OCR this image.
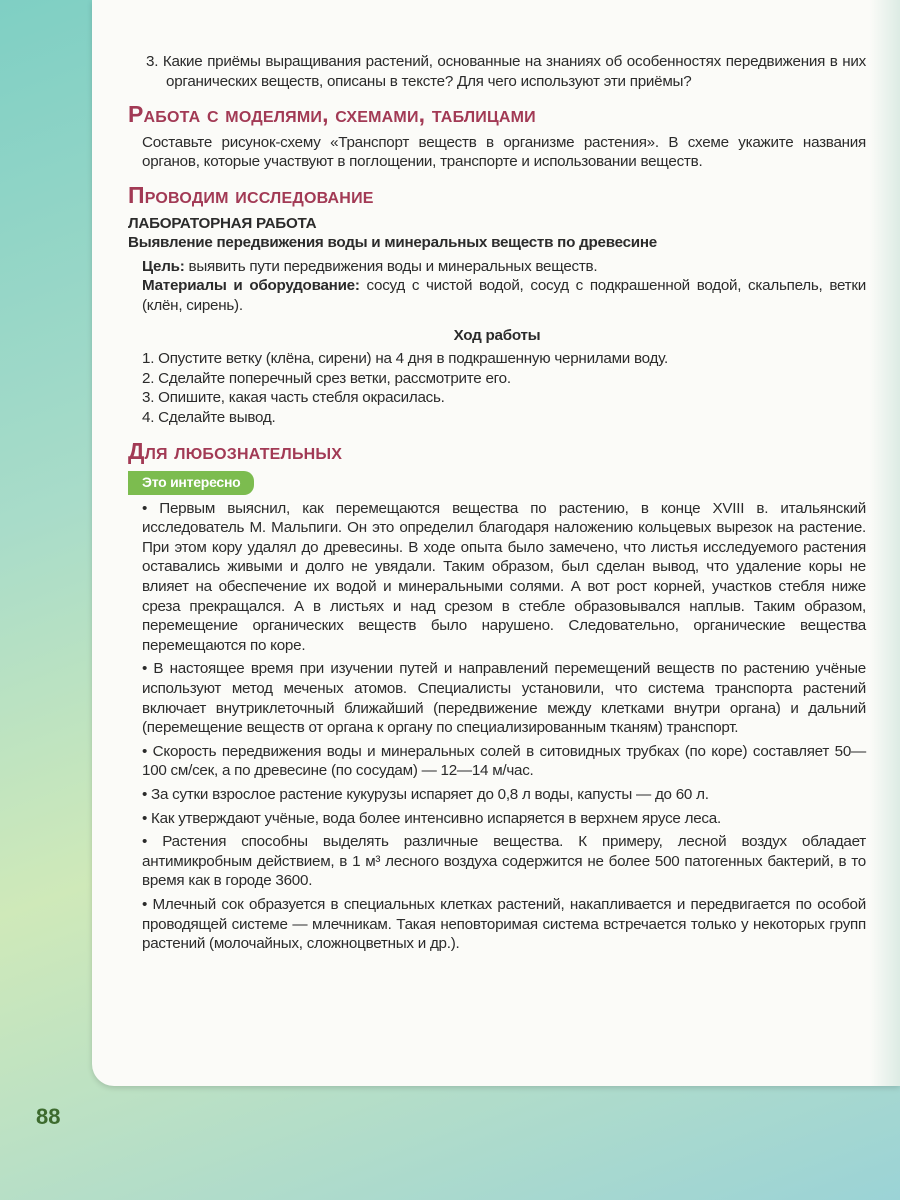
3. Какие приёмы выращивания растений, основанные на знаниях об особенностях передвижения в них органических веществ, описаны в тексте? Для чего используют эти приёмы?

Работа с моделями, схемами, таблицами

Составьте рисунок-схему «Транспорт веществ в организме растения». В схеме укажите названия органов, которые участвуют в поглощении, транспорте и использовании веществ.

Проводим исследование

ЛАБОРАТОРНАЯ РАБОТА

Выявление передвижения воды и минеральных веществ по древесине

Цель: выявить пути передвижения воды и минеральных веществ.

Материалы и оборудование: сосуд с чистой водой, сосуд с подкрашенной водой, скальпель, ветки (клён, сирень).

Ход работы

1. Опустите ветку (клёна, сирени) на 4 дня в подкрашенную чернилами воду.
2. Сделайте поперечный срез ветки, рассмотрите его.
3. Опишите, какая часть стебля окрасилась.
4. Сделайте вывод.
Для любознательных
Это интересно

• Первым выяснил, как перемещаются вещества по растению, в конце XVIII в. итальянский исследователь М. Мальпиги. Он это определил благодаря наложению кольцевых вырезок на растение. При этом кору удалял до древесины. В ходе опыта было замечено, что листья исследуемого растения оставались живыми и долго не увядали. Таким образом, был сделан вывод, что удаление коры не влияет на обеспечение их водой и минеральными солями. А вот рост корней, участков стебля ниже среза прекращался. А в листьях и над срезом в стебле образовывался наплыв. Таким образом, перемещение органических веществ было нарушено. Следовательно, органические вещества перемещаются по коре.

• В настоящее время при изучении путей и направлений перемещений веществ по растению учёные используют метод меченых атомов. Специалисты установили, что система транспорта растений включает внутриклеточный ближайший (передвижение между клетками внутри органа) и дальний (перемещение веществ от органа к органу по специализированным тканям) транспорт.

• Скорость передвижения воды и минеральных солей в ситовидных трубках (по коре) составляет 50—100 см/сек, а по древесине (по сосудам) — 12—14 м/час.

• За сутки взрослое растение кукурузы испаряет до 0,8 л воды, капусты — до 60 л.

• Как утверждают учёные, вода более интенсивно испаряется в верхнем ярусе леса.

• Растения способны выделять различные вещества. К примеру, лесной воздух обладает антимикробным действием, в 1 м³ лесного воздуха содержится не более 500 патогенных бактерий, в то время как в городе 3600.

• Млечный сок образуется в специальных клетках растений, накапливается и передвигается по особой проводящей системе — млечникам. Такая неповторимая система встречается только у некоторых групп растений (молочайных, сложноцветных и др.).

88
